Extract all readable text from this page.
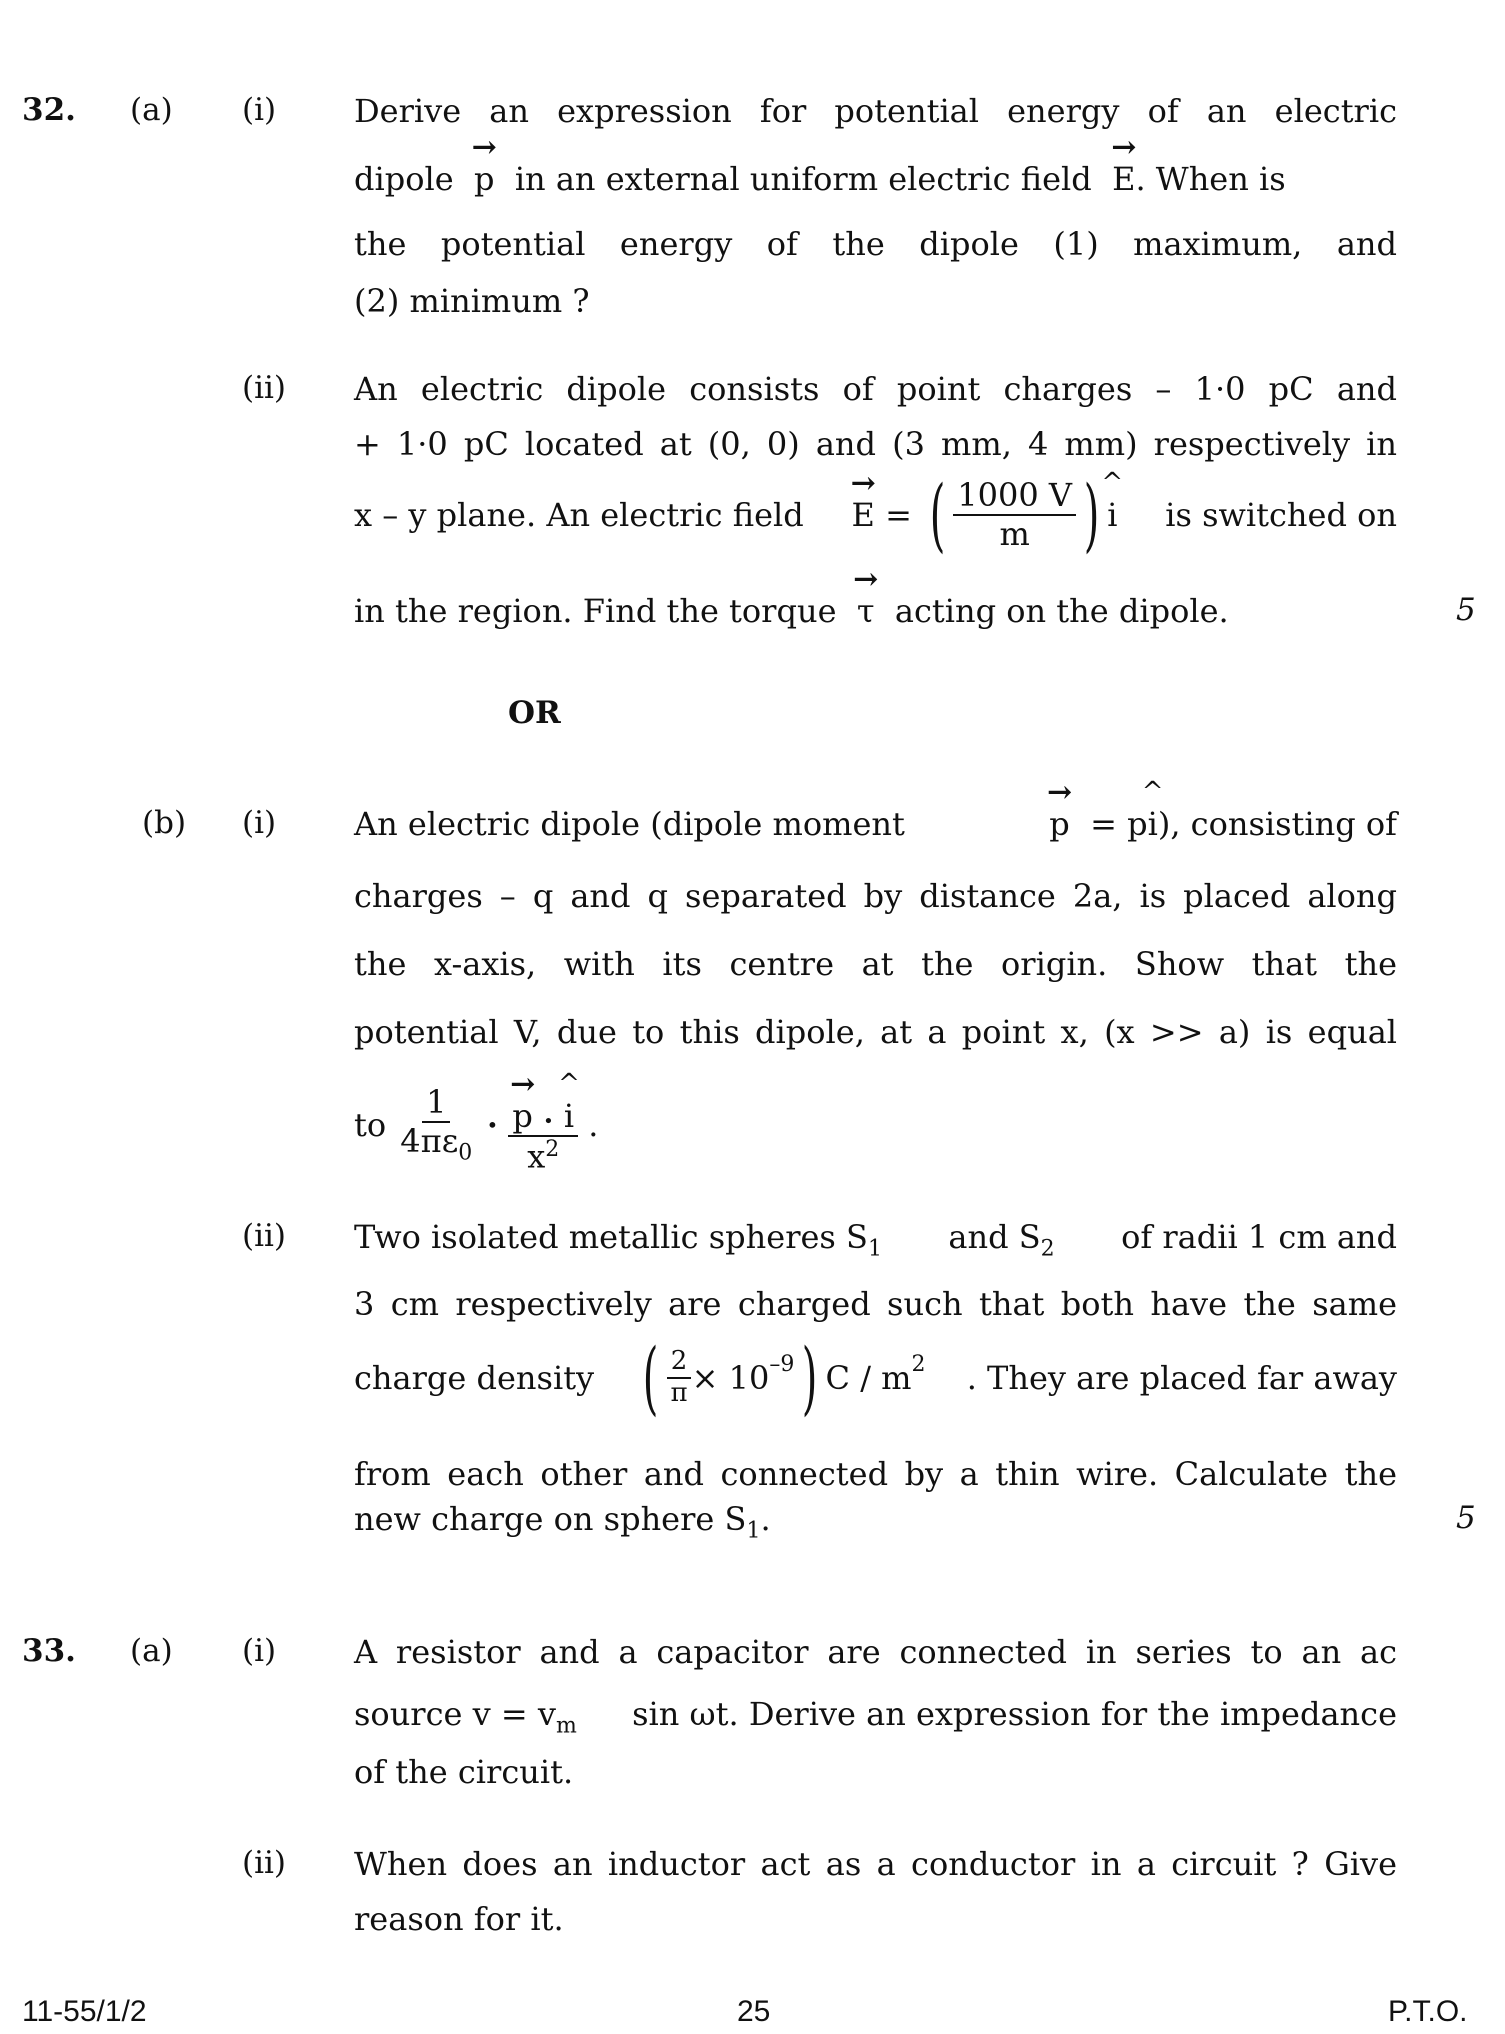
32. (a) (i) Derive an expression for potential energy of an electric
dipole → p in an external uniform electric field → E. When is
the potential energy of the dipole (1) maximum, and
(2) minimum ?
(ii) An electric dipole consists of point charges – 1·0 pC and
+ 1·0 pC located at (0, 0) and (3 mm, 4 mm) respectively in
x – y plane. An electric field → E
=
( $\frac{1000 V}{m}$ ) ^ i is switched on
in the region. Find the torque → τ acting on the dipole.	5
OR
(b) (i) An electric dipole (dipole moment	→ p = p^ i), consisting of
charges – q and q separated by distance 2a, is placed along
the x-axis, with its centre at the origin. Show that the
potential V, due to this dipole, at a point x, (x >> a) is equal
to
$\frac{1}{4\pi\varepsilon_0}$
•
→ $\frac{p • \^{} i}{x^2}$
.
(ii) Two isolated metallic spheres $S_1$ and $S_2$ of radii 1 cm and
3 cm respectively are charged such that both have the same
charge density ( $\frac{2}{\pi} \times 10^{-9}$ ) C / $m^2$ . They are placed far away
from each other and connected by a thin wire. Calculate the
new charge on sphere $S_1$.	5
33. (a) (i) A resistor and a capacitor are connected in series to an ac
source $v = v_m$ sin ωt. Derive an expression for the impedance
of the circuit.
(ii) When does an inductor act as a conductor in a circuit ? Give
reason for it.
11-55/1/2	25	P.T.O.
